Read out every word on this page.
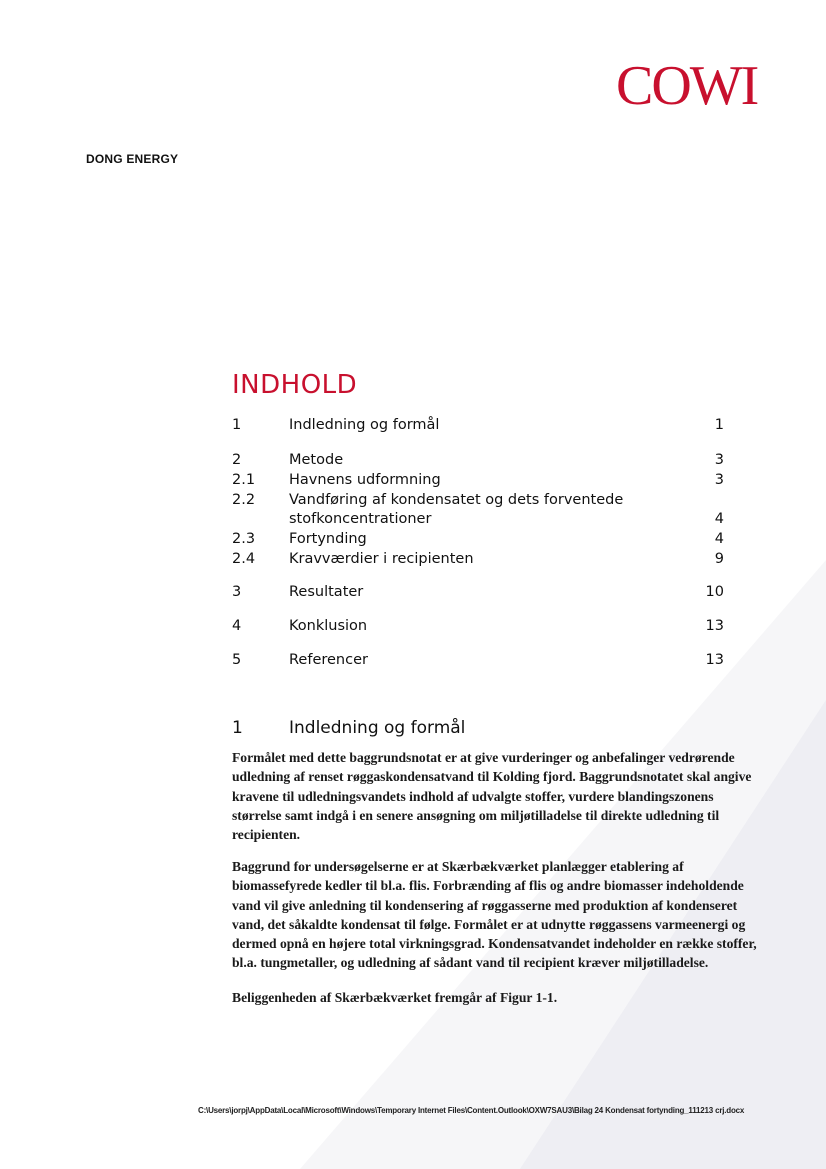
COWI
DONG ENERGY
INDHOLD
1	Indledning og formål	1
2	Metode	3
2.1 Havnens udformning	3
2.2 Vandføring af kondensatet og dets forventede stofkoncentrationer	4
2.3 Fortynding	4
2.4 Kravværdier i recipienten	9
3	Resultater	10
4	Konklusion	13
5	Referencer	13
1	Indledning og formål
Formålet med dette baggrundsnotat er at give vurderinger og anbefalinger vedrørende udledning af renset røggaskondensatvand til Kolding fjord. Baggrundsnotatet skal angive kravene til udledningsvandets indhold af udvalgte stoffer, vurdere blandingszonens størrelse samt indgå i en senere ansøgning om miljøtilladelse til direkte udledning til recipienten.
Baggrund for undersøgelserne er at Skærbækværket planlægger etablering af biomassefyrede kedler til bl.a. flis. Forbrænding af flis og andre biomasser indeholdende vand vil give anledning til kondensering af røggasserne med produktion af kondenseret vand, det såkaldte kondensat til følge. Formålet er at udnytte røggassens varmeenergi og dermed opnå en højere total virkningsgrad. Kondensatvandet indeholder en række stoffer, bl.a. tungmetaller, og udledning af sådant vand til recipient kræver miljøtilladelse.
Beliggenheden af Skærbækværket fremgår af Figur 1-1.
C:\Users\jorpj\AppData\Local\Microsoft\Windows\Temporary Internet Files\Content.Outlook\OXW7SAU3\Bilag 24 Kondensat fortynding_111213 crj.docx
